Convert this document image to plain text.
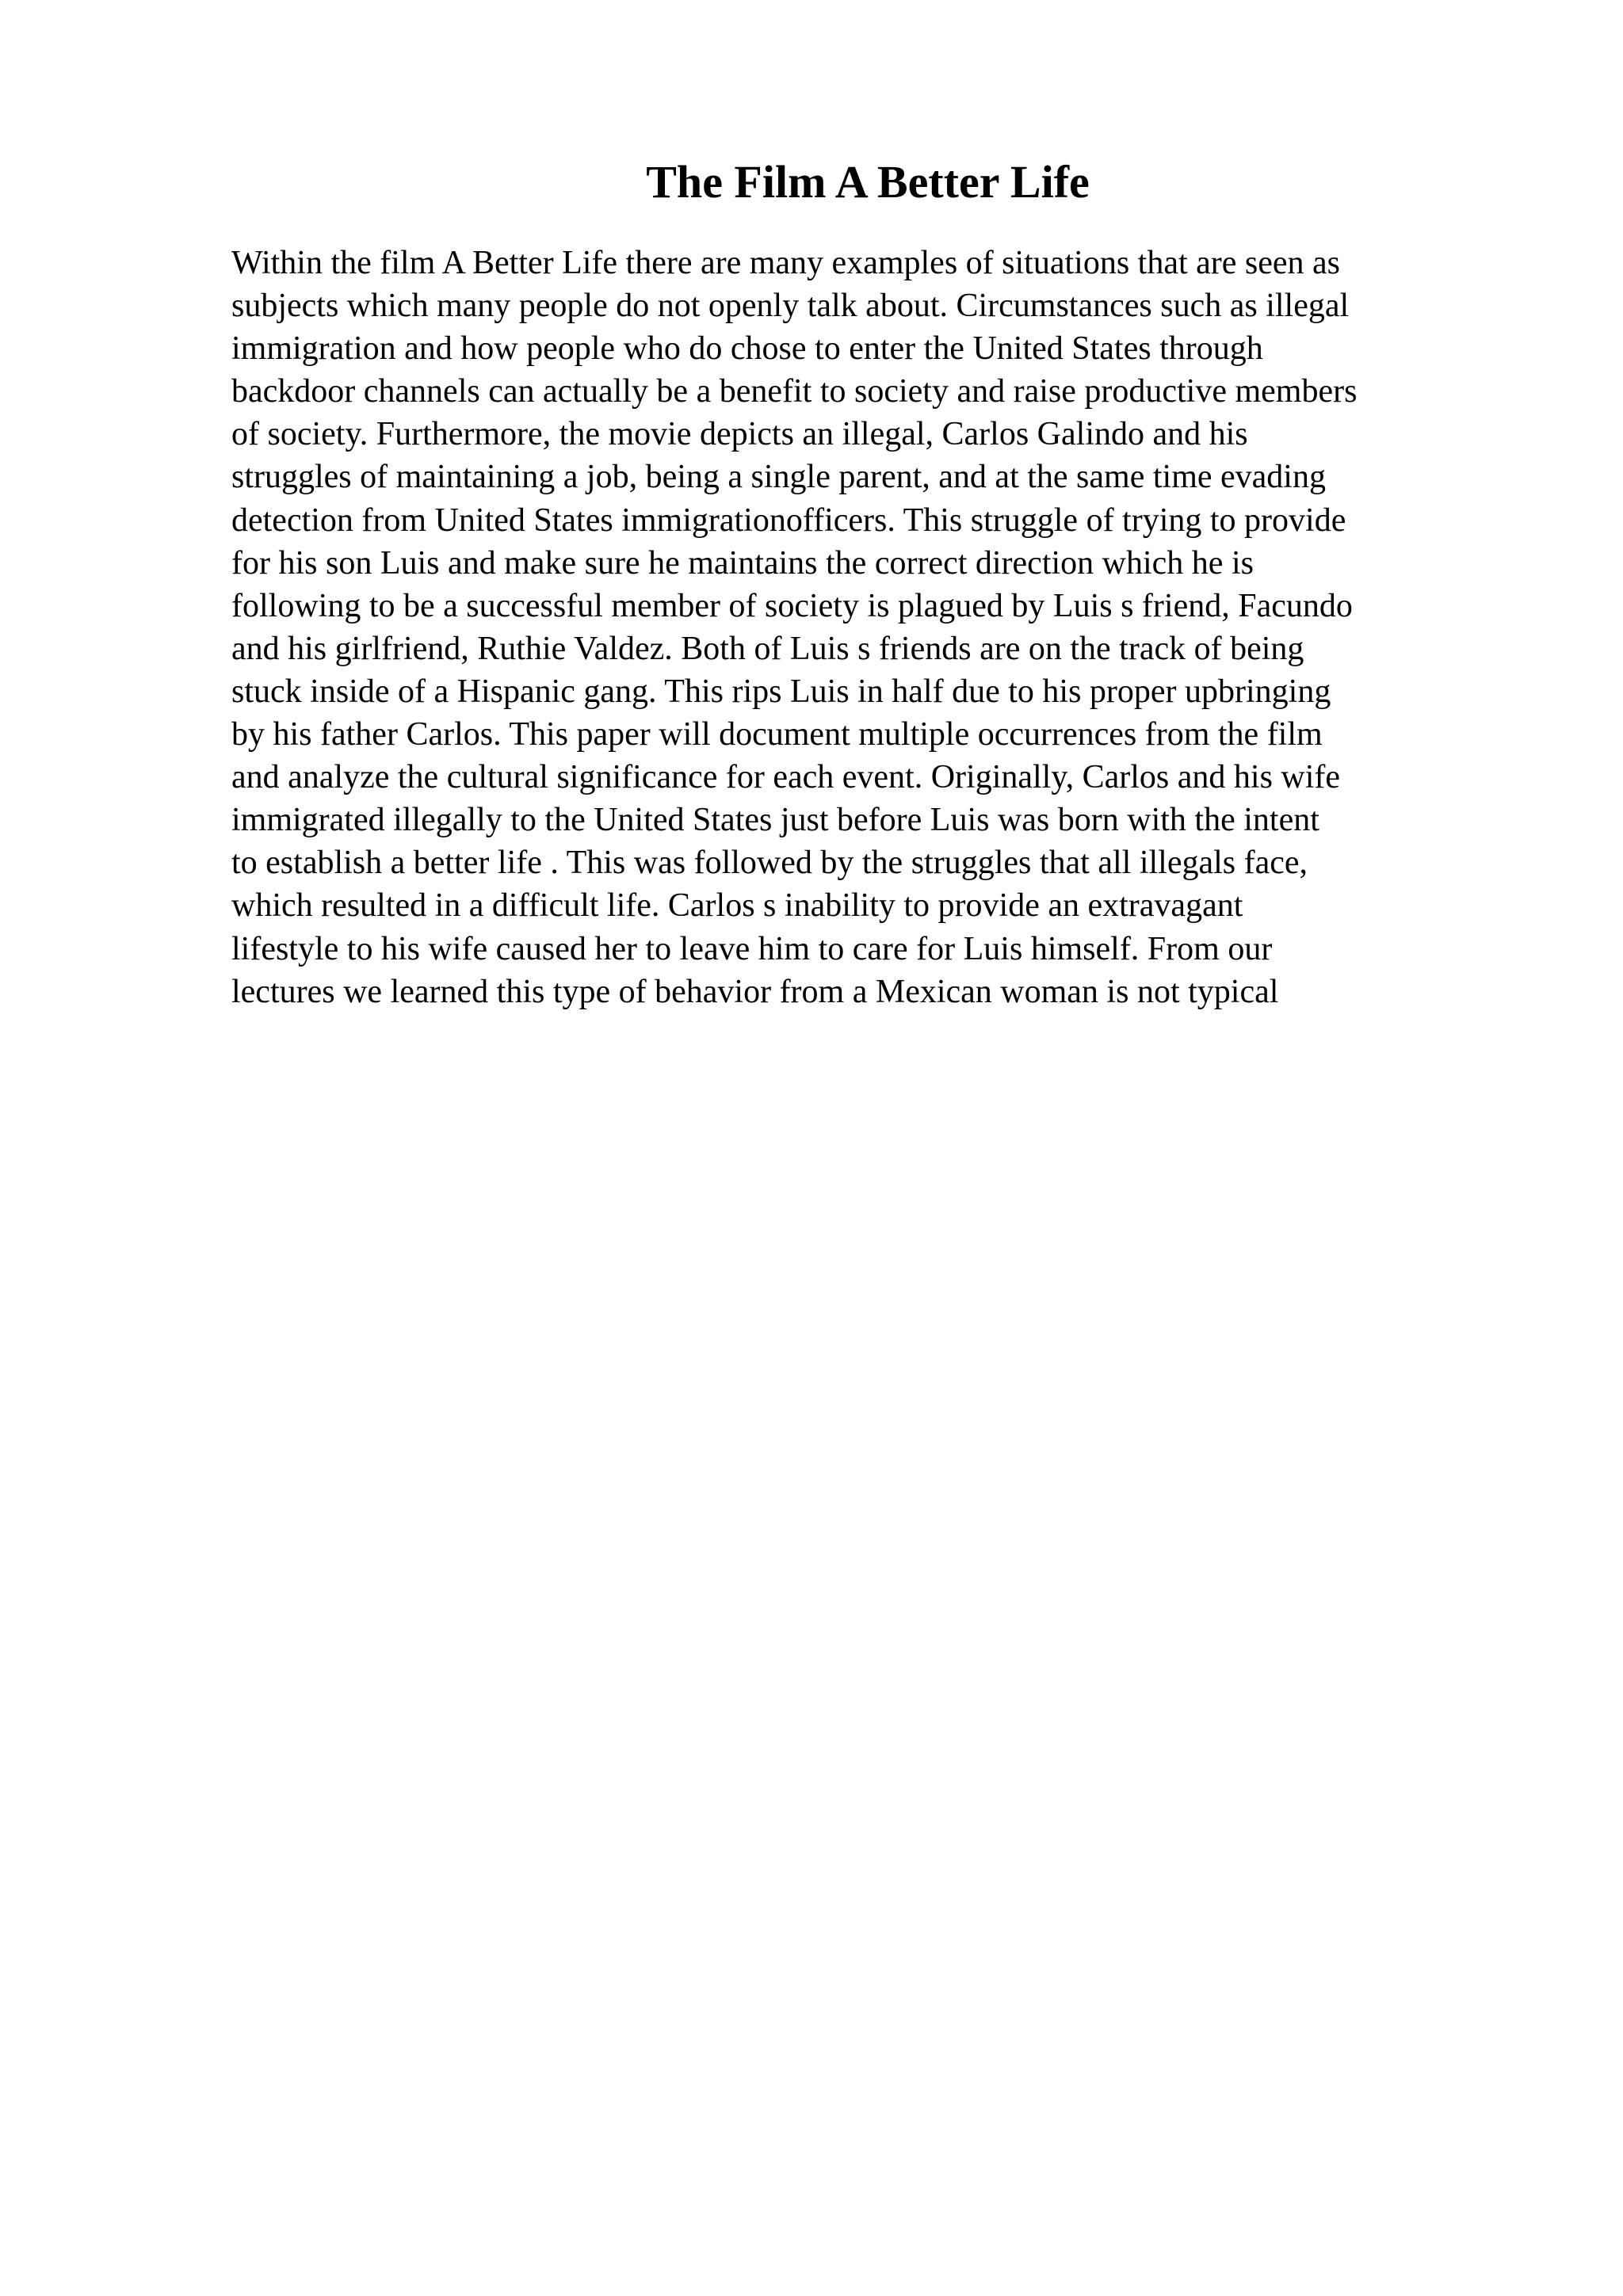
The Film A Better Life
Within the film A Better Life there are many examples of situations that are seen as
subjects which many people do not openly talk about. Circumstances such as illegal
immigration and how people who do chose to enter the United States through
backdoor channels can actually be a benefit to society and raise productive members
of society. Furthermore, the movie depicts an illegal, Carlos Galindo and his
struggles of maintaining a job, being a single parent, and at the same time evading
detection from United States immigrationofficers. This struggle of trying to provide
for his son Luis and make sure he maintains the correct direction which he is
following to be a successful member of society is plagued by Luis s friend, Facundo
and his girlfriend, Ruthie Valdez. Both of Luis s friends are on the track of being
stuck inside of a Hispanic gang. This rips Luis in half due to his proper upbringing
by his father Carlos. This paper will document multiple occurrences from the film
and analyze the cultural significance for each event. Originally, Carlos and his wife
immigrated illegally to the United States just before Luis was born with the intent
to establish a better life . This was followed by the struggles that all illegals face,
which resulted in a difficult life. Carlos s inability to provide an extravagant
lifestyle to his wife caused her to leave him to care for Luis himself. From our
lectures we learned this type of behavior from a Mexican woman is not typical
